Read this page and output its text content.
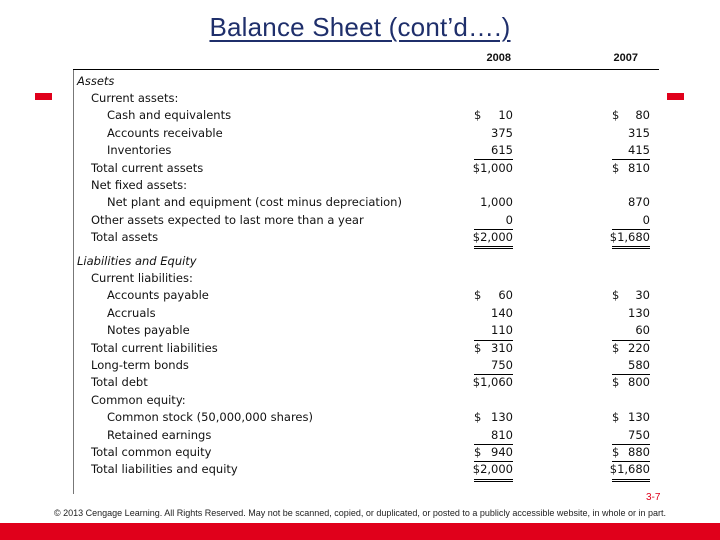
Balance Sheet (cont’d….)
2008	2007
Assets
Current assets:
Cash and equivalents	$ 10	$ 80
Accounts receivable	375	315
Inventories	615	415
Total current assets	$1,000	$ 810
Net fixed assets:
Net plant and equipment (cost minus depreciation)	1,000	870
Other assets expected to last more than a year	0	0
Total assets	$2,000	$1,680
Liabilities and Equity
Current liabilities:
Accounts payable	$ 60	$ 30
Accruals	140	130
Notes payable	110	60
Total current liabilities	$ 310	$ 220
Long-term bonds	750	580
Total debt	$1,060	$ 800
Common equity:
Common stock (50,000,000 shares)	$ 130	$ 130
Retained earnings	810	750
Total common equity	$ 940	$ 880
Total liabilities and equity	$2,000	$1,680
3-7
© 2013 Cengage Learning. All Rights Reserved. May not be scanned, copied, or duplicated, or posted to a publicly accessible website, in whole or in part.
